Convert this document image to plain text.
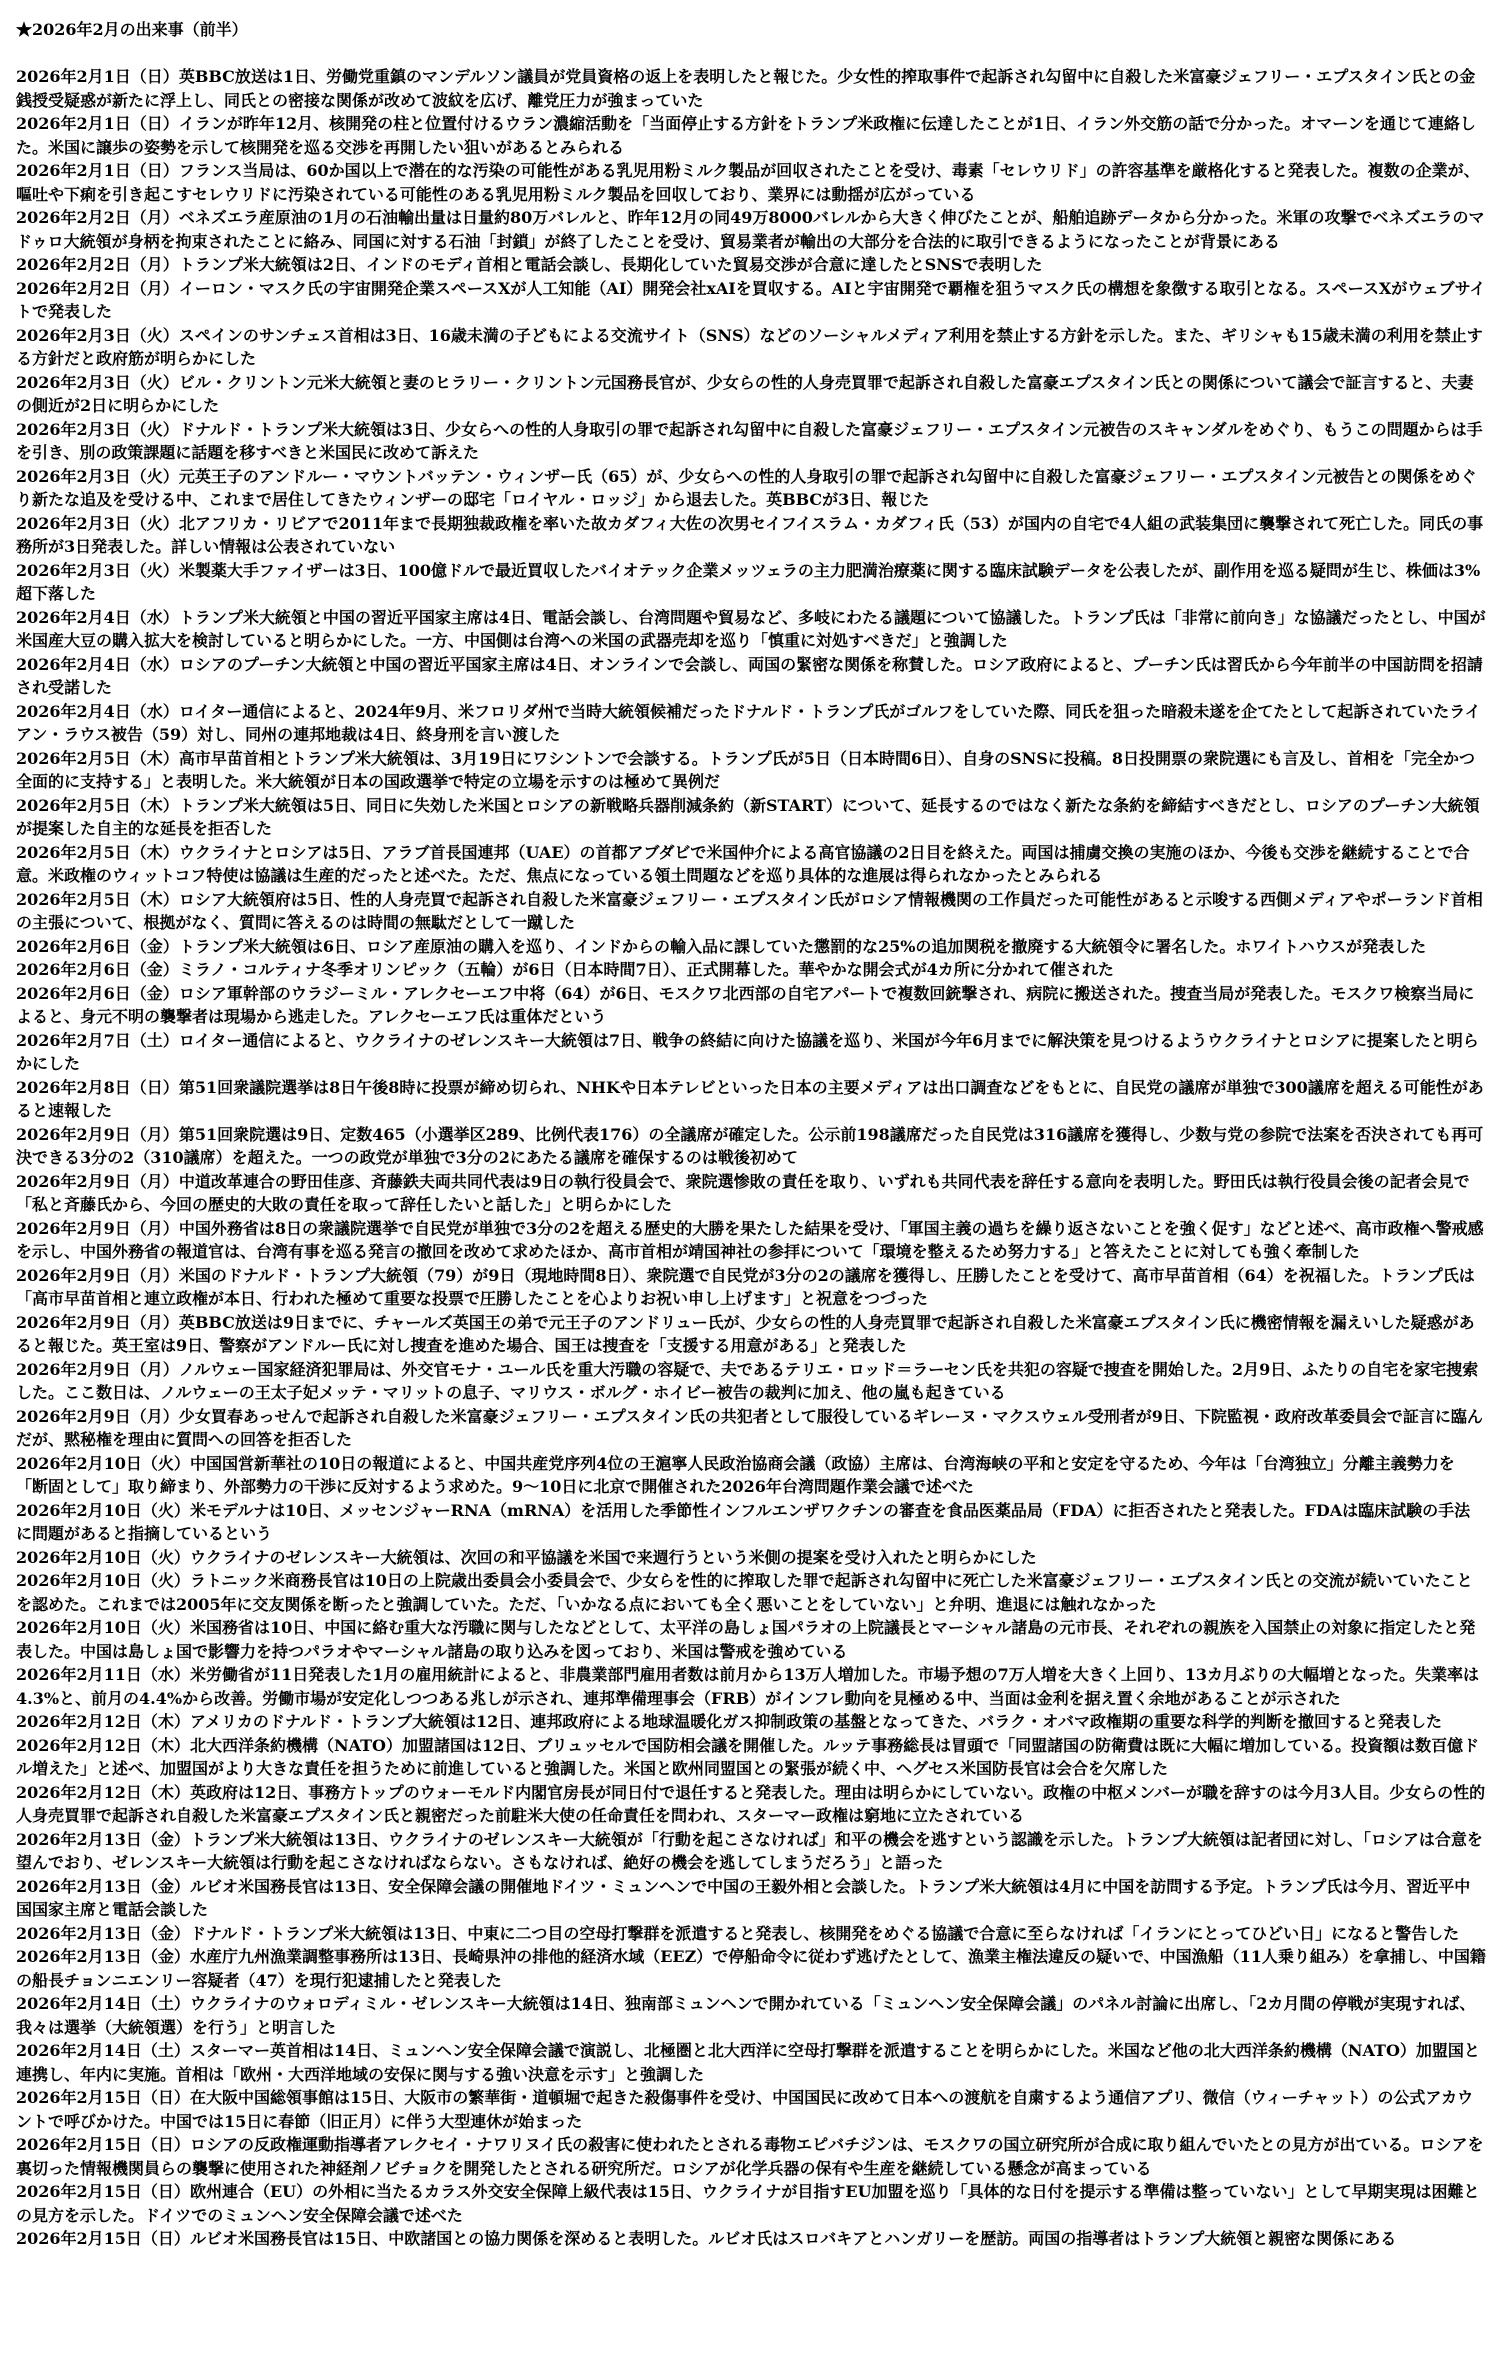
★2026年2月の出来事（前半）
2026年2月1日（日）英BBC放送は1日、労働党重鎮のマンデルソン議員が党員資格の返上を表明したと報じた。少女性的搾取事件で起訴され勾留中に自殺した米富豪ジェフリー・エプスタイン氏との金銭授受疑惑が新たに浮上し、同氏との密接な関係が改めて波紋を広げ、離党圧力が強まっていた
2026年2月1日（日）イランが昨年12月、核開発の柱と位置付けるウラン濃縮活動を「当面停止する方針をトランプ米政権に伝達したことが1日、イラン外交筋の話で分かった。オマーンを通じて連絡した。米国に譲歩の姿勢を示して核開発を巡る交渉を再開したい狙いがあるとみられる
2026年2月1日（日）フランス当局は、60か国以上で潜在的な汚染の可能性がある乳児用粉ミルク製品が回収されたことを受け、毒素「セレウリド」の許容基準を厳格化すると発表した。複数の企業が、嘔吐や下痢を引き起こすセレウリドに汚染されている可能性のある乳児用粉ミルク製品を回収しており、業界には動揺が広がっている
2026年2月2日（月）ベネズエラ産原油の1月の石油輸出量は日量約80万バレルと、昨年12月の同49万8000バレルから大きく伸びたことが、船舶追跡データから分かった。米軍の攻撃でベネズエラのマドゥロ大統領が身柄を拘束されたことに絡み、同国に対する石油「封鎖」が終了したことを受け、貿易業者が輸出の大部分を合法的に取引できるようになったことが背景にある
2026年2月2日（月）トランプ米大統領は2日、インドのモディ首相と電話会談し、長期化していた貿易交渉が合意に達したとSNSで表明した
2026年2月2日（月）イーロン・マスク氏の宇宙開発企業スペースXが人工知能（AI）開発会社xAIを買収する。AIと宇宙開発で覇権を狙うマスク氏の構想を象徴する取引となる。スペースXがウェブサイトで発表した
2026年2月3日（火）スペインのサンチェス首相は3日、16歳未満の子どもによる交流サイト（SNS）などのソーシャルメディア利用を禁止する方針を示した。また、ギリシャも15歳未満の利用を禁止する方針だと政府筋が明らかにした
2026年2月3日（火）ビル・クリントン元米大統領と妻のヒラリー・クリントン元国務長官が、少女らの性的人身売買罪で起訴され自殺した富豪エプスタイン氏との関係について議会で証言すると、夫妻の側近が2日に明らかにした
2026年2月3日（火）ドナルド・トランプ米大統領は3日、少女らへの性的人身取引の罪で起訴され勾留中に自殺した富豪ジェフリー・エプスタイン元被告のスキャンダルをめぐり、もうこの問題からは手を引き、別の政策課題に話題を移すべきと米国民に改めて訴えた
2026年2月3日（火）元英王子のアンドルー・マウントバッテン・ウィンザー氏（65）が、少女らへの性的人身取引の罪で起訴され勾留中に自殺した富豪ジェフリー・エプスタイン元被告との関係をめぐり新たな追及を受ける中、これまで居住してきたウィンザーの邸宅「ロイヤル・ロッジ」から退去した。英BBCが3日、報じた
2026年2月3日（火）北アフリカ・リビアで2011年まで長期独裁政権を率いた故カダフィ大佐の次男セイフイスラム・カダフィ氏（53）が国内の自宅で4人組の武装集団に襲撃されて死亡した。同氏の事務所が3日発表した。詳しい情報は公表されていない
2026年2月3日（火）米製薬大手ファイザーは3日、100億ドルで最近買収したバイオテック企業メッツェラの主力肥満治療薬に関する臨床試験データを公表したが、副作用を巡る疑問が生じ、株価は3%超下落した
2026年2月4日（水）トランプ米大統領と中国の習近平国家主席は4日、電話会談し、台湾問題や貿易など、多岐にわたる議題について協議した。トランプ氏は「非常に前向き」な協議だったとし、中国が米国産大豆の購入拡大を検討していると明らかにした。一方、中国側は台湾への米国の武器売却を巡り「慎重に対処すべきだ」と強調した
2026年2月4日（水）ロシアのプーチン大統領と中国の習近平国家主席は4日、オンラインで会談し、両国の緊密な関係を称賛した。ロシア政府によると、プーチン氏は習氏から今年前半の中国訪問を招請され受諾した
2026年2月4日（水）ロイター通信によると、2024年9月、米フロリダ州で当時大統領候補だったドナルド・トランプ氏がゴルフをしていた際、同氏を狙った暗殺未遂を企てたとして起訴されていたライアン・ラウス被告（59）対し、同州の連邦地裁は4日、終身刑を言い渡した
2026年2月5日（木）高市早苗首相とトランプ米大統領は、3月19日にワシントンで会談する。トランプ氏が5日（日本時間6日）、自身のSNSに投稿。8日投開票の衆院選にも言及し、首相を「完全かつ全面的に支持する」と表明した。米大統領が日本の国政選挙で特定の立場を示すのは極めて異例だ
2026年2月5日（木）トランプ米大統領は5日、同日に失効した米国とロシアの新戦略兵器削減条約（新START）について、延長するのではなく新たな条約を締結すべきだとし、ロシアのプーチン大統領が提案した自主的な延長を拒否した
2026年2月5日（木）ウクライナとロシアは5日、アラブ首長国連邦（UAE）の首都アブダビで米国仲介による高官協議の2日目を終えた。両国は捕虜交換の実施のほか、今後も交渉を継続することで合意。米政権のウィットコフ特使は協議は生産的だったと述べた。ただ、焦点になっている領土問題などを巡り具体的な進展は得られなかったとみられる
2026年2月5日（木）ロシア大統領府は5日、性的人身売買で起訴され自殺した米富豪ジェフリー・エプスタイン氏がロシア情報機関の工作員だった可能性があると示唆する西側メディアやポーランド首相の主張について、根拠がなく、質問に答えるのは時間の無駄だとして一蹴した
2026年2月6日（金）トランプ米大統領は6日、ロシア産原油の購入を巡り、インドからの輸入品に課していた懲罰的な25%の追加関税を撤廃する大統領令に署名した。ホワイトハウスが発表した
2026年2月6日（金）ミラノ・コルティナ冬季オリンピック（五輪）が6日（日本時間7日）、正式開幕した。華やかな開会式が4カ所に分かれて催された
2026年2月6日（金）ロシア軍幹部のウラジーミル・アレクセーエフ中将（64）が6日、モスクワ北西部の自宅アパートで複数回銃撃され、病院に搬送された。捜査当局が発表した。モスクワ検察当局によると、身元不明の襲撃者は現場から逃走した。アレクセーエフ氏は重体だという
2026年2月7日（土）ロイター通信によると、ウクライナのゼレンスキー大統領は7日、戦争の終結に向けた協議を巡り、米国が今年6月までに解決策を見つけるようウクライナとロシアに提案したと明らかにした
2026年2月8日（日）第51回衆議院選挙は8日午後8時に投票が締め切られ、NHKや日本テレビといった日本の主要メディアは出口調査などをもとに、自民党の議席が単独で300議席を超える可能性があると速報した
2026年2月9日（月）第51回衆院選は9日、定数465（小選挙区289、比例代表176）の全議席が確定した。公示前198議席だった自民党は316議席を獲得し、少数与党の参院で法案を否決されても再可決できる3分の2（310議席）を超えた。一つの政党が単独で3分の2にあたる議席を確保するのは戦後初めて
2026年2月9日（月）中道改革連合の野田佳彦、斉藤鉄夫両共同代表は9日の執行役員会で、衆院選惨敗の責任を取り、いずれも共同代表を辞任する意向を表明した。野田氏は執行役員会後の記者会見で「私と斉藤氏から、今回の歴史的大敗の責任を取って辞任したいと話した」と明らかにした
2026年2月9日（月）中国外務省は8日の衆議院選挙で自民党が単独で3分の2を超える歴史的大勝を果たした結果を受け、「軍国主義の過ちを繰り返さないことを強く促す」などと述べ、高市政権へ警戒感を示し、中国外務省の報道官は、台湾有事を巡る発言の撤回を改めて求めたほか、高市首相が靖国神社の参拝について「環境を整えるため努力する」と答えたことに対しても強く牽制した
2026年2月9日（月）米国のドナルド・トランプ大統領（79）が9日（現地時間8日）、衆院選で自民党が3分の2の議席を獲得し、圧勝したことを受けて、高市早苗首相（64）を祝福した。トランプ氏は「高市早苗首相と連立政権が本日、行われた極めて重要な投票で圧勝したことを心よりお祝い申し上げます」と祝意をつづった
2026年2月9日（月）英BBC放送は9日までに、チャールズ英国王の弟で元王子のアンドリュー氏が、少女らの性的人身売買罪で起訴され自殺した米富豪エプスタイン氏に機密情報を漏えいした疑惑があると報じた。英王室は9日、警察がアンドルー氏に対し捜査を進めた場合、国王は捜査を「支援する用意がある」と発表した
2026年2月9日（月）ノルウェー国家経済犯罪局は、外交官モナ・ユール氏を重大汚職の容疑で、夫であるテリエ・ロッド＝ラーセン氏を共犯の容疑で捜査を開始した。2月9日、ふたりの自宅を家宅捜索した。ここ数日は、ノルウェーの王太子妃メッテ・マリットの息子、マリウス・ボルグ・ホイビー被告の裁判に加え、他の嵐も起きている
2026年2月9日（月）少女買春あっせんで起訴され自殺した米富豪ジェフリー・エプスタイン氏の共犯者として服役しているギレーヌ・マクスウェル受刑者が9日、下院監視・政府改革委員会で証言に臨んだが、黙秘権を理由に質問への回答を拒否した
2026年2月10日（火）中国国営新華社の10日の報道によると、中国共産党序列4位の王滬寧人民政治協商会議（政協）主席は、台湾海峡の平和と安定を守るため、今年は「台湾独立」分離主義勢力を「断固として」取り締まり、外部勢力の干渉に反対するよう求めた。9～10日に北京で開催された2026年台湾問題作業会議で述べた
2026年2月10日（火）米モデルナは10日、メッセンジャーRNA（mRNA）を活用した季節性インフルエンザワクチンの審査を食品医薬品局（FDA）に拒否されたと発表した。FDAは臨床試験の手法に問題があると指摘しているという
2026年2月10日（火）ウクライナのゼレンスキー大統領は、次回の和平協議を米国で来週行うという米側の提案を受け入れたと明らかにした
2026年2月10日（火）ラトニック米商務長官は10日の上院歳出委員会小委員会で、少女らを性的に搾取した罪で起訴され勾留中に死亡した米富豪ジェフリー・エプスタイン氏との交流が続いていたことを認めた。これまでは2005年に交友関係を断ったと強調していた。ただ、「いかなる点においても全く悪いことをしていない」と弁明、進退には触れなかった
2026年2月10日（火）米国務省は10日、中国に絡む重大な汚職に関与したなどとして、太平洋の島しょ国パラオの上院議長とマーシャル諸島の元市長、それぞれの親族を入国禁止の対象に指定したと発表した。中国は島しょ国で影響力を持つパラオやマーシャル諸島の取り込みを図っており、米国は警戒を強めている
2026年2月11日（水）米労働省が11日発表した1月の雇用統計によると、非農業部門雇用者数は前月から13万人増加した。市場予想の7万人増を大きく上回り、13カ月ぶりの大幅増となった。失業率は4.3%と、前月の4.4%から改善。労働市場が安定化しつつある兆しが示され、連邦準備理事会（FRB）がインフレ動向を見極める中、当面は金利を据え置く余地があることが示された
2026年2月12日（木）アメリカのドナルド・トランプ大統領は12日、連邦政府による地球温暖化ガス抑制政策の基盤となってきた、バラク・オバマ政権期の重要な科学的判断を撤回すると発表した
2026年2月12日（木）北大西洋条約機構（NATO）加盟諸国は12日、ブリュッセルで国防相会議を開催した。ルッテ事務総長は冒頭で「同盟諸国の防衛費は既に大幅に増加している。投資額は数百億ドル増えた」と述べ、加盟国がより大きな責任を担うために前進していると強調した。米国と欧州同盟国との緊張が続く中、ヘグセス米国防長官は会合を欠席した
2026年2月12日（木）英政府は12日、事務方トップのウォーモルド内閣官房長が同日付で退任すると発表した。理由は明らかにしていない。政権の中枢メンバーが職を辞すのは今月3人目。少女らの性的人身売買罪で起訴され自殺した米富豪エプスタイン氏と親密だった前駐米大使の任命責任を問われ、スターマー政権は窮地に立たされている
2026年2月13日（金）トランプ米大統領は13日、ウクライナのゼレンスキー大統領が「行動を起こさなければ」和平の機会を逃すという認識を示した。トランプ大統領は記者団に対し、「ロシアは合意を望んでおり、ゼレンスキー大統領は行動を起こさなければならない。さもなければ、絶好の機会を逃してしまうだろう」と語った
2026年2月13日（金）ルビオ米国務長官は13日、安全保障会議の開催地ドイツ・ミュンヘンで中国の王毅外相と会談した。トランプ米大統領は4月に中国を訪問する予定。トランプ氏は今月、習近平中国国家主席と電話会談した
2026年2月13日（金）ドナルド・トランプ米大統領は13日、中東に二つ目の空母打撃群を派遣すると発表し、核開発をめぐる協議で合意に至らなければ「イランにとってひどい日」になると警告した
2026年2月13日（金）水産庁九州漁業調整事務所は13日、長崎県沖の排他的経済水域（EEZ）で停船命令に従わず逃げたとして、漁業主権法違反の疑いで、中国漁船（11人乗り組み）を拿捕し、中国籍の船長チョンニエンリー容疑者（47）を現行犯逮捕したと発表した
2026年2月14日（土）ウクライナのウォロディミル・ゼレンスキー大統領は14日、独南部ミュンヘンで開かれている「ミュンヘン安全保障会議」のパネル討論に出席し、「2カ月間の停戦が実現すれば、我々は選挙（大統領選）を行う」と明言した
2026年2月14日（土）スターマー英首相は14日、ミュンヘン安全保障会議で演説し、北極圏と北大西洋に空母打撃群を派遣することを明らかにした。米国など他の北大西洋条約機構（NATO）加盟国と連携し、年内に実施。首相は「欧州・大西洋地域の安保に関与する強い決意を示す」と強調した
2026年2月15日（日）在大阪中国総領事館は15日、大阪市の繁華街・道頓堀で起きた殺傷事件を受け、中国国民に改めて日本への渡航を自粛するよう通信アプリ、微信（ウィーチャット）の公式アカウントで呼びかけた。中国では15日に春節（旧正月）に伴う大型連休が始まった
2026年2月15日（日）ロシアの反政権運動指導者アレクセイ・ナワリヌイ氏の殺害に使われたとされる毒物エピバチジンは、モスクワの国立研究所が合成に取り組んでいたとの見方が出ている。ロシアを裏切った情報機関員らの襲撃に使用された神経剤ノビチョクを開発したとされる研究所だ。ロシアが化学兵器の保有や生産を継続している懸念が高まっている
2026年2月15日（日）欧州連合（EU）の外相に当たるカラス外交安全保障上級代表は15日、ウクライナが目指すEU加盟を巡り「具体的な日付を提示する準備は整っていない」として早期実現は困難との見方を示した。ドイツでのミュンヘン安全保障会議で述べた
2026年2月15日（日）ルビオ米国務長官は15日、中欧諸国との協力関係を深めると表明した。ルビオ氏はスロバキアとハンガリーを歴訪。両国の指導者はトランプ大統領と親密な関係にある
